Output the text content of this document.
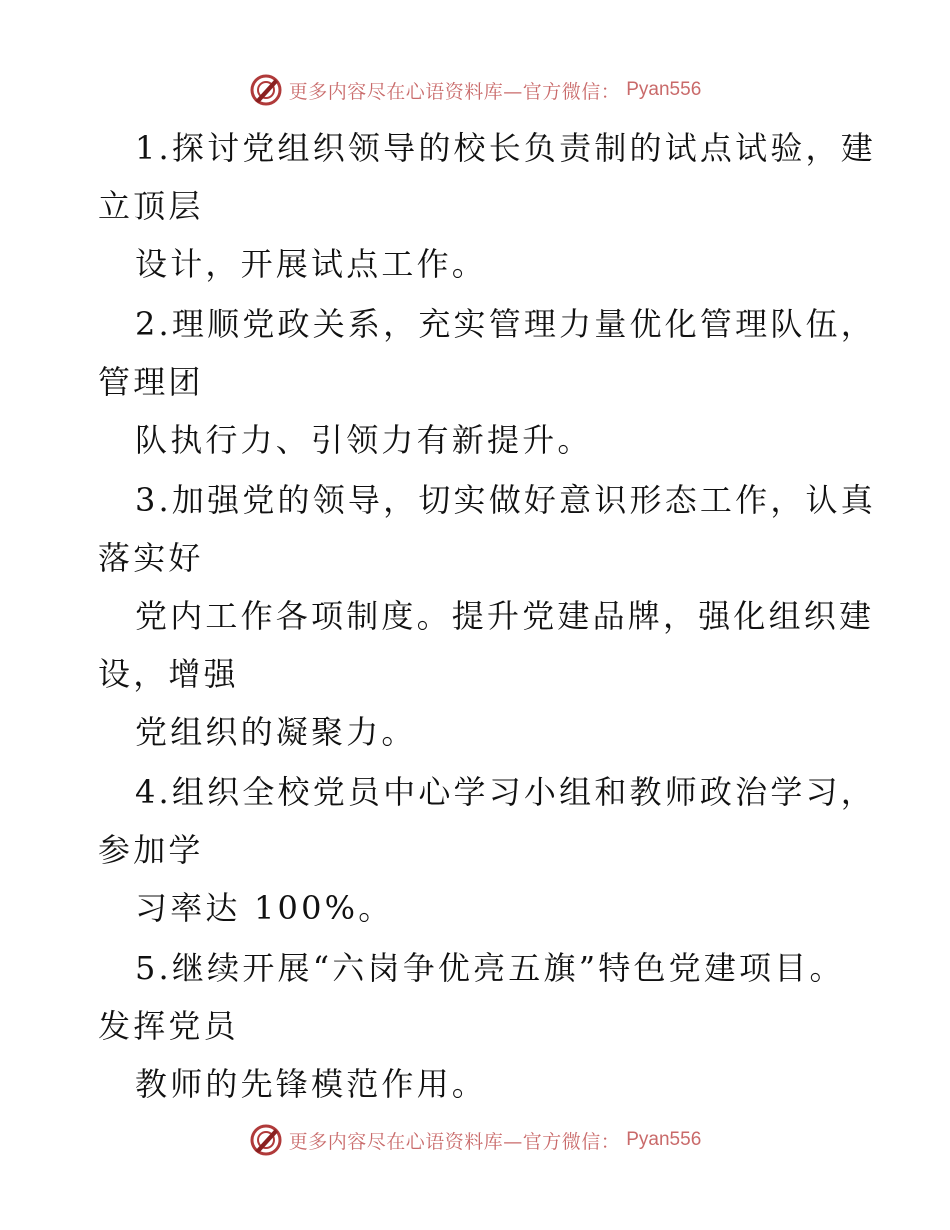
更多内容尽在心语资料库—官方微信： Pyan556
1.探讨党组织领导的校长负责制的试点试验，建
立顶层
设计，开展试点工作。
2.理顺党政关系，充实管理力量优化管理队伍，
管理团
队执行力、引领力有新提升。
3.加强党的领导，切实做好意识形态工作，认真
落实好
党内工作各项制度。提升党建品牌，强化组织建
设，增强
党组织的凝聚力。
4.组织全校党员中心学习小组和教师政治学习，
参加学
习率达 100%。
5.继续开展“六岗争优亮五旗”特色党建项目。
发挥党员
教师的先锋模范作用。
更多内容尽在心语资料库—官方微信： Pyan556
